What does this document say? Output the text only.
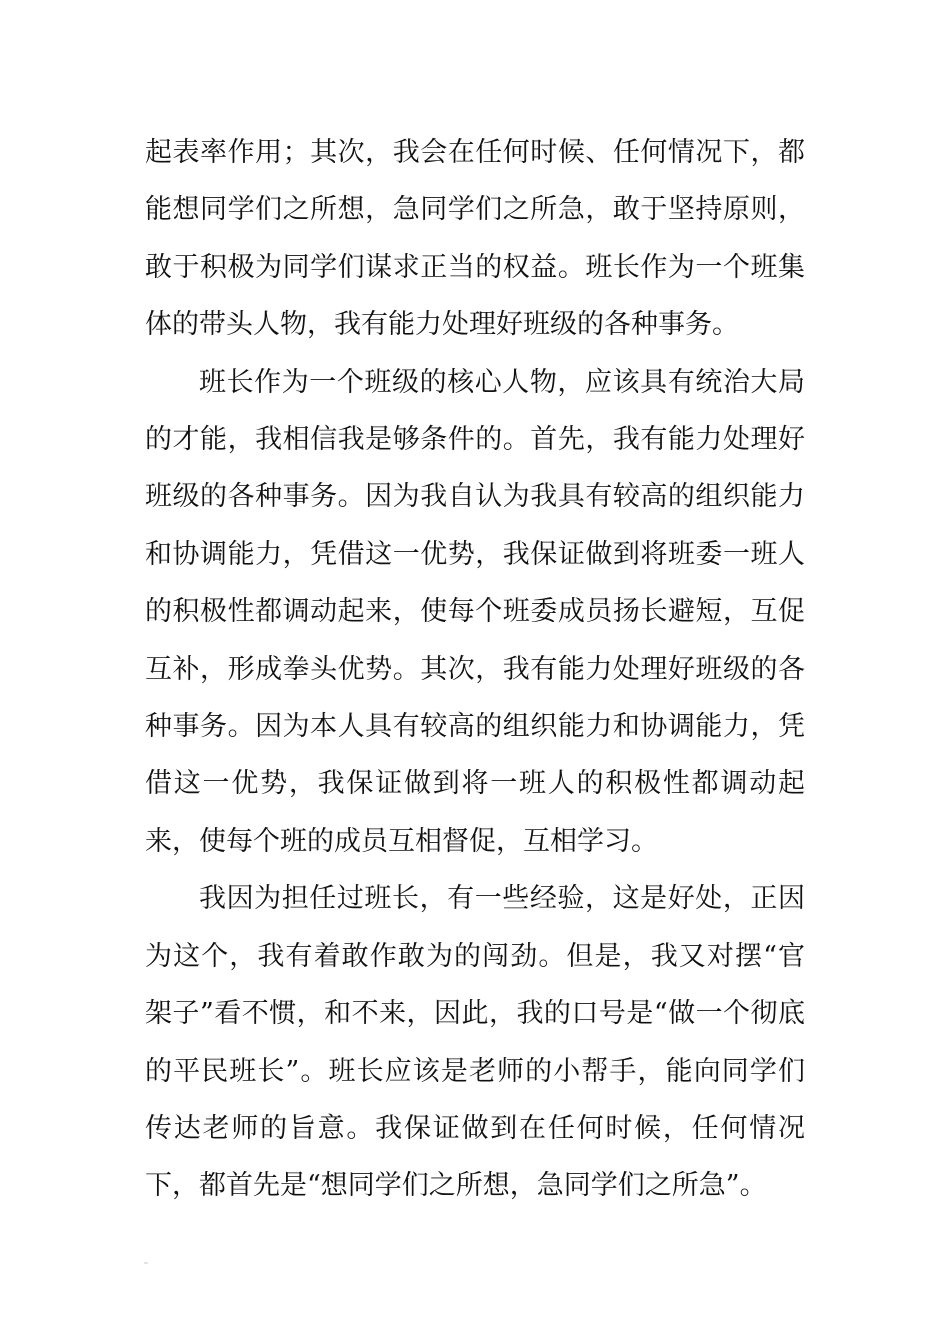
起表率作用；其次，我会在任何时候、任何情况下，都能想同学们之所想，急同学们之所急，敢于坚持原则，敢于积极为同学们谋求正当的权益。班长作为一个班集体的带头人物，我有能力处理好班级的各种事务。

班长作为一个班级的核心人物，应该具有统治大局的才能，我相信我是够条件的。首先，我有能力处理好班级的各种事务。因为我自认为我具有较高的组织能力和协调能力，凭借这一优势，我保证做到将班委一班人的积极性都调动起来，使每个班委成员扬长避短，互促互补，形成拳头优势。其次，我有能力处理好班级的各种事务。因为本人具有较高的组织能力和协调能力，凭借这一优势，我保证做到将一班人的积极性都调动起来，使每个班的成员互相督促，互相学习。

我因为担任过班长，有一些经验，这是好处，正因为这个，我有着敢作敢为的闯劲。但是，我又对摆“官架子”看不惯，和不来，因此，我的口号是“做一个彻底的平民班长”。班长应该是老师的小帮手，能向同学们传达老师的旨意。我保证做到在任何时候，任何情况下，都首先是“想同学们之所想，急同学们之所急”。
